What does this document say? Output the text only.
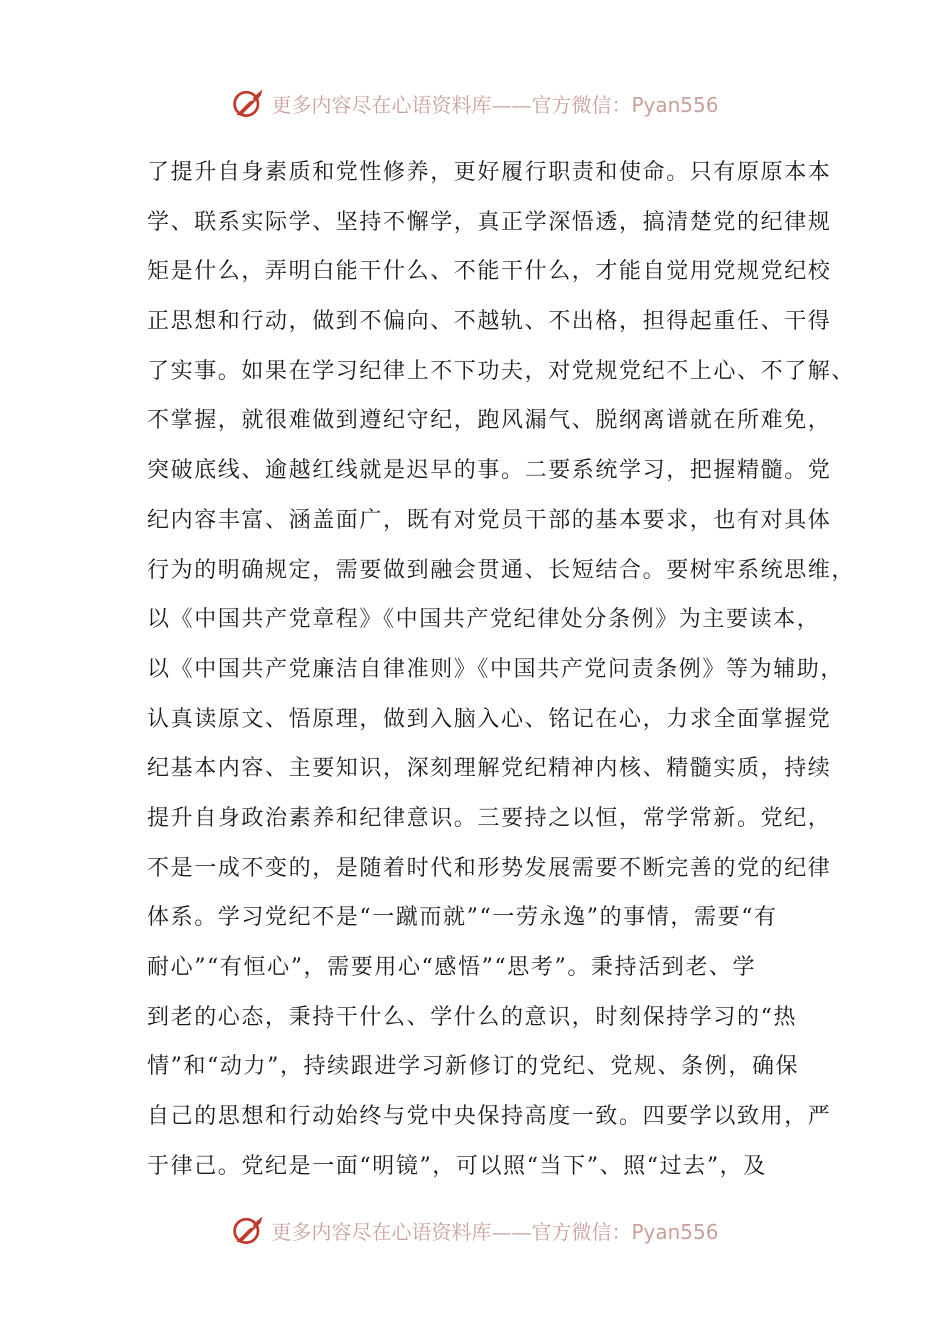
更多内容尽在心语资料库——官方微信：Pyan556
了提升自身素质和党性修养，更好履行职责和使命。只有原原本本
学、联系实际学、坚持不懈学，真正学深悟透，搞清楚党的纪律规
矩是什么，弄明白能干什么、不能干什么，才能自觉用党规党纪校
正思想和行动，做到不偏向、不越轨、不出格，担得起重任、干得
了实事。如果在学习纪律上不下功夫，对党规党纪不上心、不了解、
不掌握，就很难做到遵纪守纪，跑风漏气、脱纲离谱就在所难免，
突破底线、逾越红线就是迟早的事。二要系统学习，把握精髓。党
纪内容丰富、涵盖面广，既有对党员干部的基本要求，也有对具体
行为的明确规定，需要做到融会贯通、长短结合。要树牢系统思维，
以《中国共产党章程》《中国共产党纪律处分条例》为主要读本，
以《中国共产党廉洁自律准则》《中国共产党问责条例》等为辅助，
认真读原文、悟原理，做到入脑入心、铭记在心，力求全面掌握党
纪基本内容、主要知识，深刻理解党纪精神内核、精髓实质，持续
提升自身政治素养和纪律意识。三要持之以恒，常学常新。党纪，
不是一成不变的，是随着时代和形势发展需要不断完善的党的纪律
体系。学习党纪不是“一蹴而就”“一劳永逸”的事情，需要“有
耐心”“有恒心”，需要用心“感悟”“思考”。秉持活到老、学
到老的心态，秉持干什么、学什么的意识，时刻保持学习的“热
情”和“动力”，持续跟进学习新修订的党纪、党规、条例，确保
自己的思想和行动始终与党中央保持高度一致。四要学以致用，严
于律己。党纪是一面“明镜”，可以照“当下”、照“过去”，及
更多内容尽在心语资料库——官方微信：Pyan556
